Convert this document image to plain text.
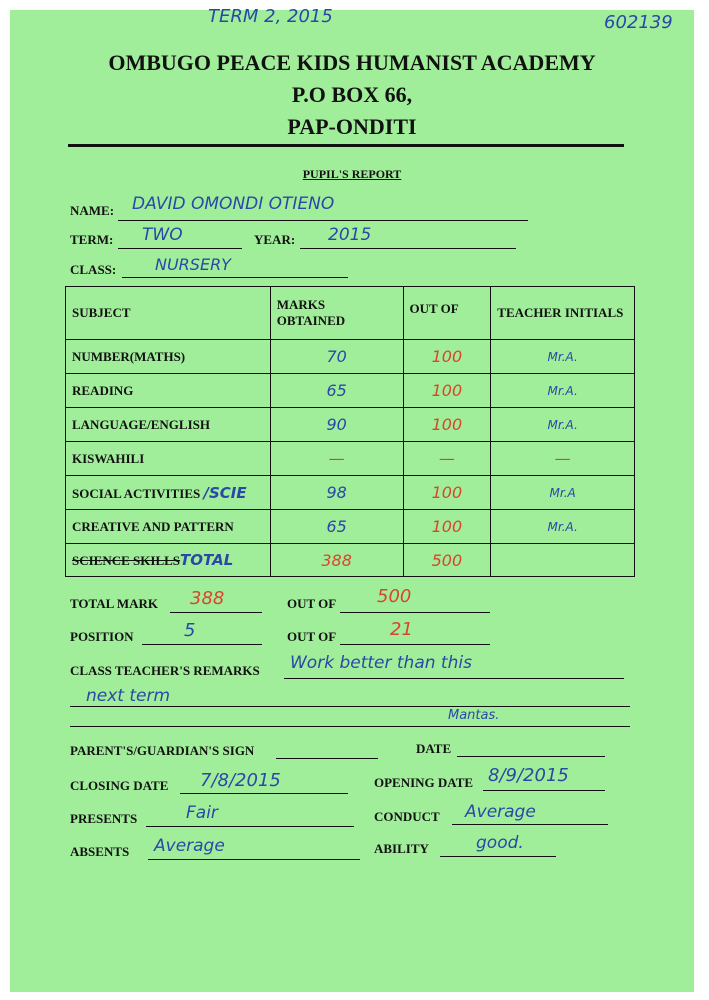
TERM 2, 2015	602139
OMBUGO PEACE KIDS HUMANIST ACADEMY
P.O BOX 66,
PAP-ONDITI
PUPIL'S REPORT
NAME: DAVID OMONDI OTIENO
TERM: TWO	YEAR: 2015
CLASS: NURSERY
SUBJECT	MARKS OBTAINED	OUT OF	TEACHER INITIALS
NUMBER(MATHS)	70	100	Mr.A.
READING	65	100	Mr.A.
LANGUAGE/ENGLISH	90	100	Mr.A.
KISWAHILI	—	—	—
SOCIAL ACTIVITIES /SCIE	98	100	Mr.A
CREATIVE AND PATTERN	65	100	Mr.A.
SCIENCE SKILLSTOTAL	388	500	
TOTAL MARK 388	OUT OF 500
POSITION	5	OUT OF	21
CLASS TEACHER'S REMARKS Work better than this
next term
Mantas.
PARENT'S/GUARDIAN'S SIGN	DATE
CLOSING DATE 7/8/2015	OPENING DATE 8/9/2015
PRESENTS	Fair	CONDUCT Average
ABSENTS Average	ABILITY	good.
